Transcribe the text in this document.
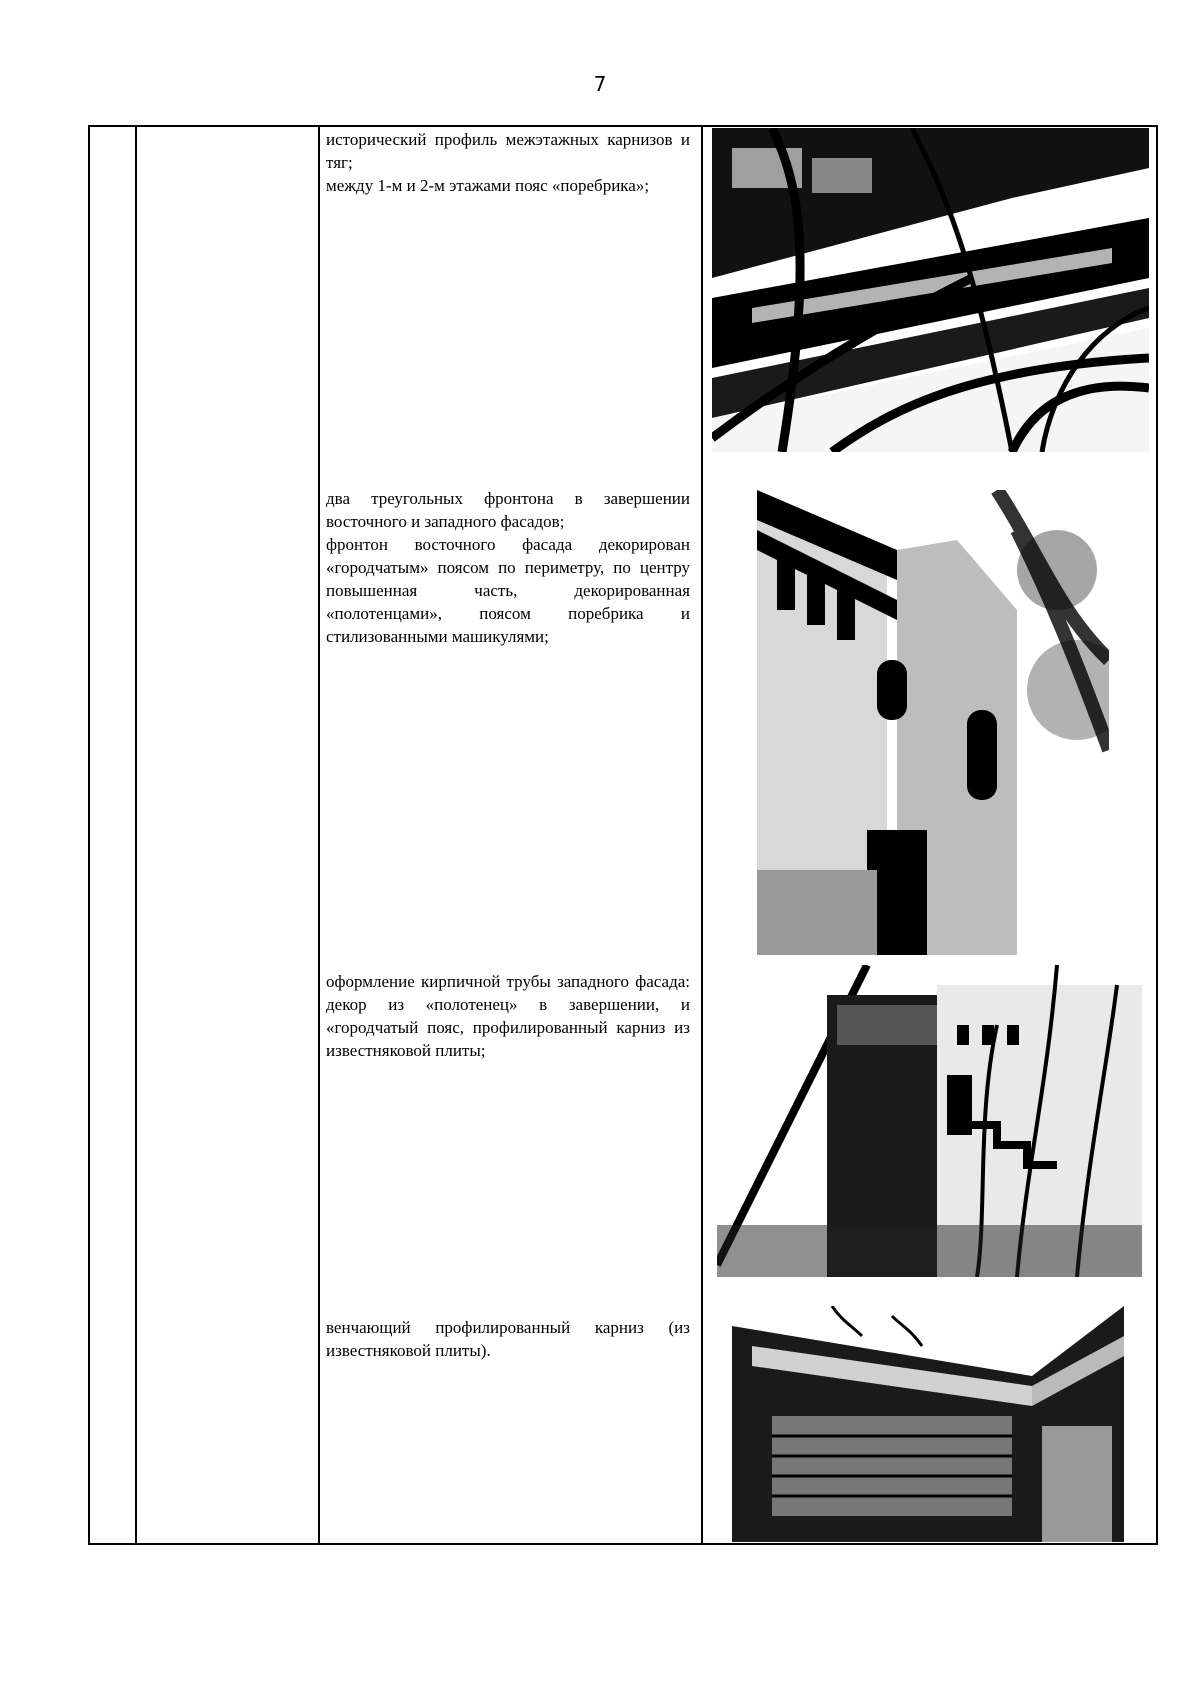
7

исторический профиль межэтажных карнизов и тяг;

между 1-м и 2-м этажами пояс «поребрика»;

два треугольных фронтона в завершении восточного и западного фасадов;

фронтон восточного фасада декорирован «городчатым» поясом по периметру, по центру повышенная часть, декорированная «полотенцами», поясом поребрика и стилизованными машикулями;

оформление кирпичной трубы западного фасада: декор из «полотенец» в завершении, и «городчатый пояс, профилированный карниз из известняковой плиты;

венчающий профилированный карниз (из известняковой плиты).
